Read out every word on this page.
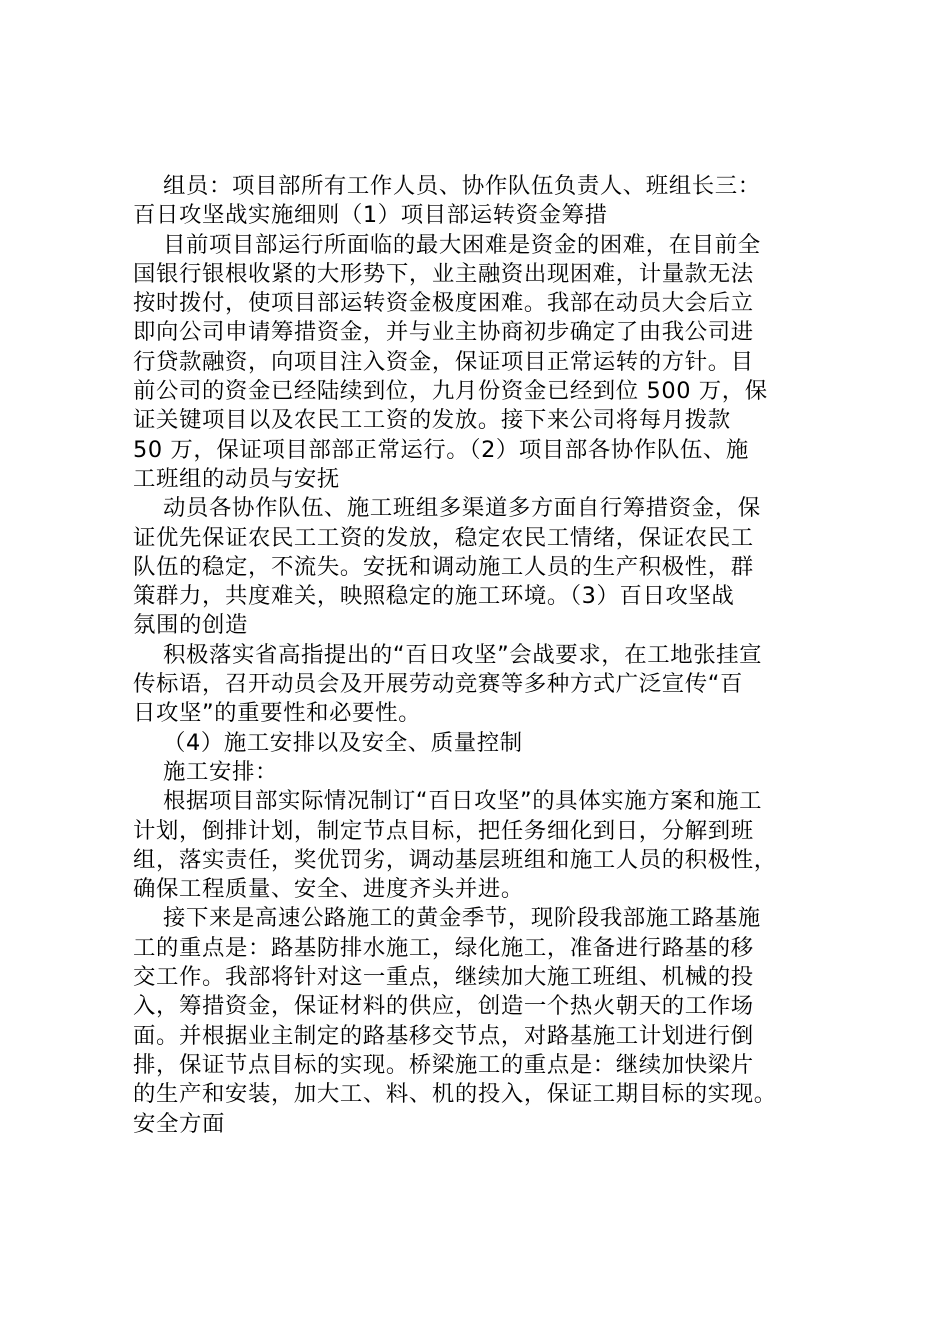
组员：项目部所有工作人员、协作队伍负责人、班组长三：
百日攻坚战实施细则（1）项目部运转资金筹措
目前项目部运行所面临的最大困难是资金的困难，在目前全
国银行银根收紧的大形势下，业主融资出现困难，计量款无法
按时拨付，使项目部运转资金极度困难。我部在动员大会后立
即向公司申请筹措资金，并与业主协商初步确定了由我公司进
行贷款融资，向项目注入资金，保证项目正常运转的方针。目
前公司的资金已经陆续到位，九月份资金已经到位 500 万，保
证关键项目以及农民工工资的发放。接下来公司将每月拨款
50 万，保证项目部部正常运行。（2）项目部各协作队伍、施
工班组的动员与安抚
动员各协作队伍、施工班组多渠道多方面自行筹措资金，保
证优先保证农民工工资的发放，稳定农民工情绪，保证农民工
队伍的稳定，不流失。安抚和调动施工人员的生产积极性，群
策群力，共度难关，映照稳定的施工环境。（3）百日攻坚战
氛围的创造
积极落实省高指提出的“百日攻坚”会战要求，在工地张挂宣
传标语，召开动员会及开展劳动竞赛等多种方式广泛宣传“百
日攻坚”的重要性和必要性。
（4）施工安排以及安全、质量控制
施工安排：
根据项目部实际情况制订“百日攻坚”的具体实施方案和施工
计划，倒排计划，制定节点目标，把任务细化到日，分解到班
组，落实责任，奖优罚劣，调动基层班组和施工人员的积极性，
确保工程质量、安全、进度齐头并进。
接下来是高速公路施工的黄金季节，现阶段我部施工路基施
工的重点是：路基防排水施工，绿化施工，准备进行路基的移
交工作。我部将针对这一重点，继续加大施工班组、机械的投
入，筹措资金，保证材料的供应，创造一个热火朝天的工作场
面。并根据业主制定的路基移交节点，对路基施工计划进行倒
排，保证节点目标的实现。桥梁施工的重点是：继续加快梁片
的生产和安装，加大工、料、机的投入，保证工期目标的实现。
安全方面
